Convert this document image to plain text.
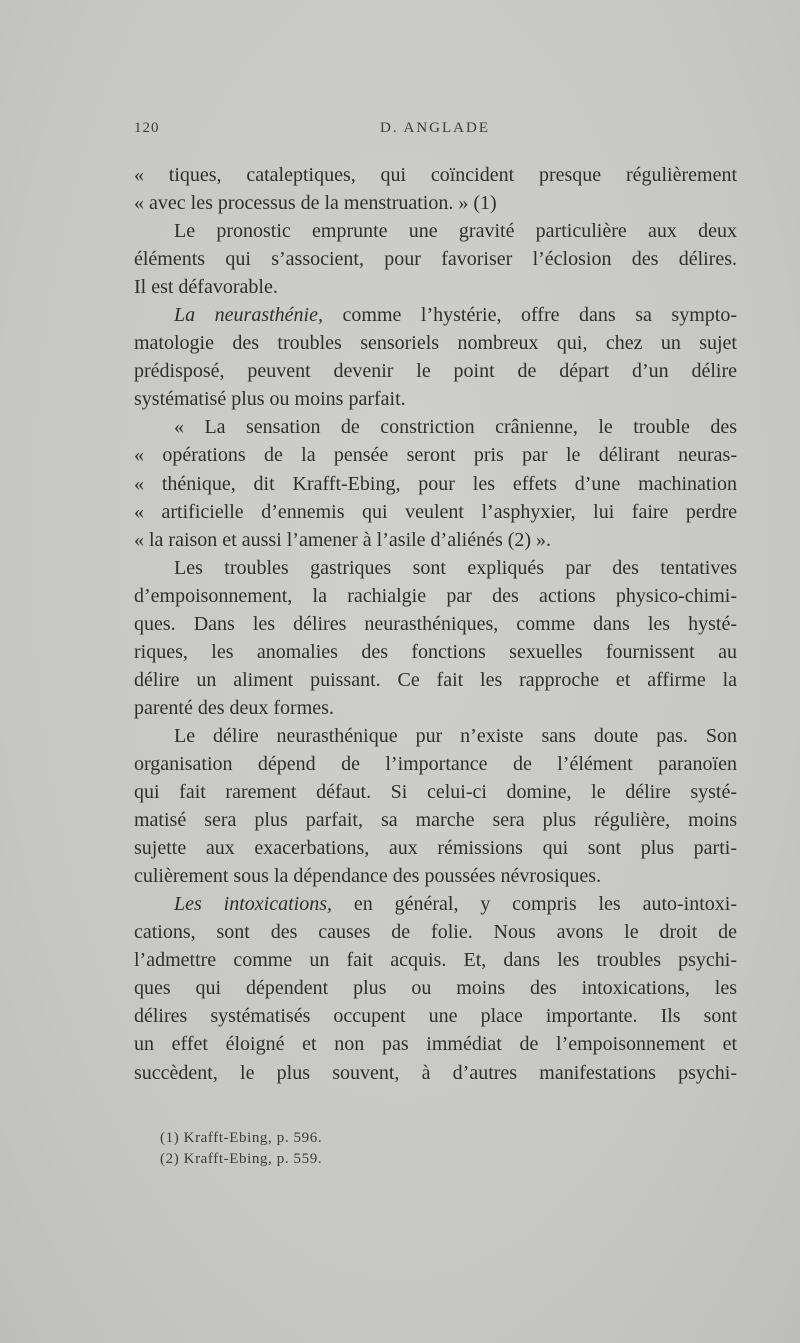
120	D. ANGLADE
« tiques, cataleptiques, qui coïncident presque régulièrement
« avec les processus de la menstruation. » (1)
Le pronostic emprunte une gravité particulière aux deux
éléments qui s’associent, pour favoriser l’éclosion des délires.
Il est défavorable.
La neurasthénie, comme l’hystérie, offre dans sa sympto-
matologie des troubles sensoriels nombreux qui, chez un sujet
prédisposé, peuvent devenir le point de départ d’un délire
systématisé plus ou moins parfait.
« La sensation de constriction crânienne, le trouble des
« opérations de la pensée seront pris par le délirant neuras-
« thénique, dit Krafft-Ebing, pour les effets d’une machination
« artificielle d’ennemis qui veulent l’asphyxier, lui faire perdre
« la raison et aussi l’amener à l’asile d’aliénés (2) ».
Les troubles gastriques sont expliqués par des tentatives
d’empoisonnement, la rachialgie par des actions physico-chimi-
ques. Dans les délires neurasthéniques, comme dans les hysté-
riques, les anomalies des fonctions sexuelles fournissent au
délire un aliment puissant. Ce fait les rapproche et affirme la
parenté des deux formes.
Le délire neurasthénique pur n’existe sans doute pas. Son
organisation dépend de l’importance de l’élément paranoïen
qui fait rarement défaut. Si celui-ci domine, le délire systé-
matisé sera plus parfait, sa marche sera plus régulière, moins
sujette aux exacerbations, aux rémissions qui sont plus parti-
culièrement sous la dépendance des poussées névrosiques.
Les intoxications, en général, y compris les auto-intoxi-
cations, sont des causes de folie. Nous avons le droit de
l’admettre comme un fait acquis. Et, dans les troubles psychi-
ques qui dépendent plus ou moins des intoxications, les
délires systématisés occupent une place importante. Ils sont
un effet éloigné et non pas immédiat de l’empoisonnement et
succèdent, le plus souvent, à d’autres manifestations psychi-
(1) Krafft-Ebing, p. 596.
(2) Krafft-Ebing, p. 559.
